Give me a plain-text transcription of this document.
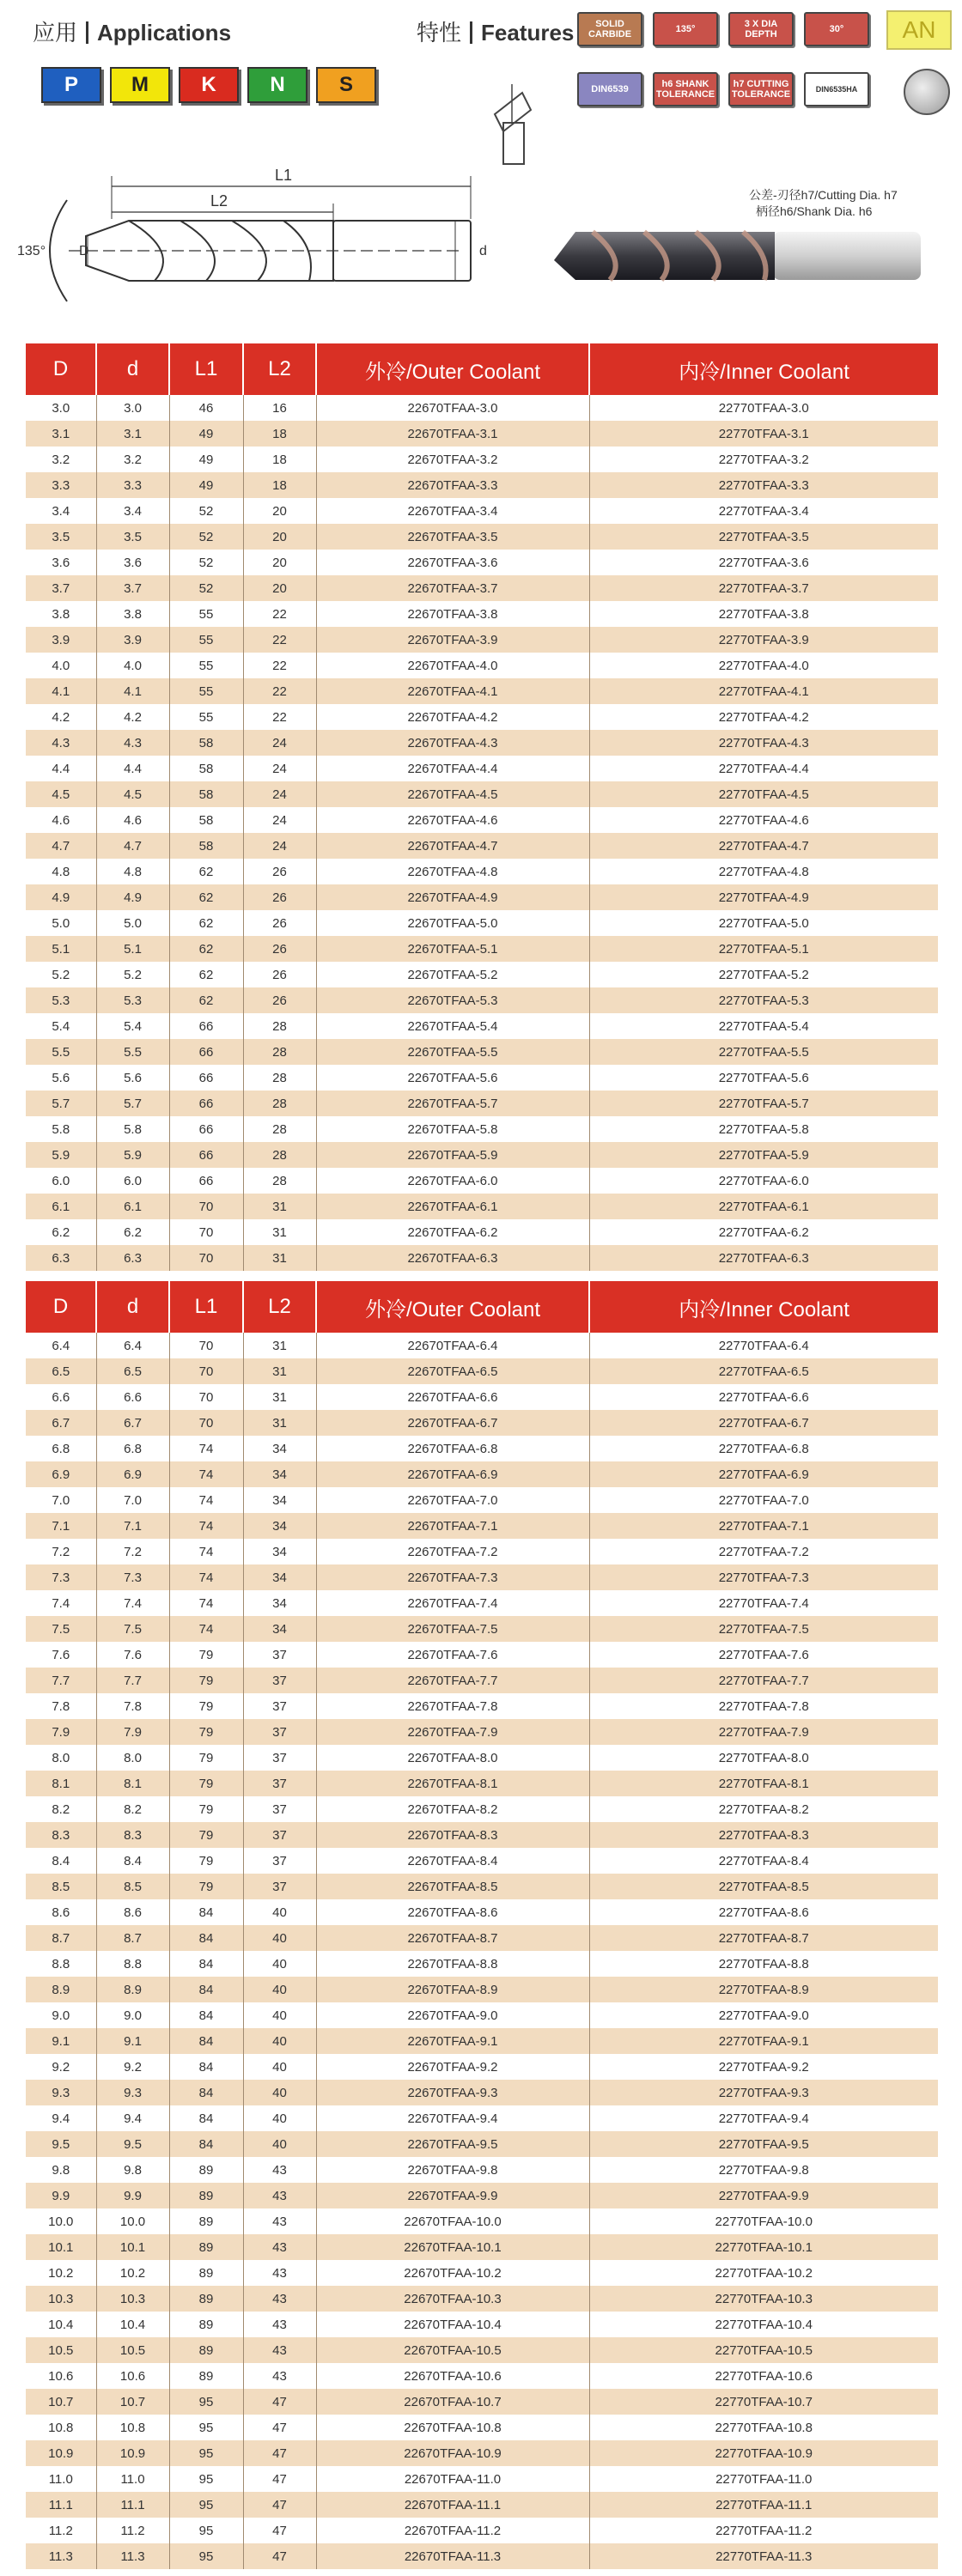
应用 Applications	特性 Features
P	M	K	N	S
SOLID CARBIDE	135°	3 X DIA DEPTH	30°	AN
DIN6539	h6 SHANK TOLERANCE
h7 CUTTING TOLERANCE	DIN6535HA
L1
L2
D	d
135°
公差-刃径h7/Cutting Dia. h7
柄径h6/Shank Dia. h6
D	d	L1	L2	外冷/Outer Coolant	内冷/Inner Coolant
3.0	3.0	46	16	22670TFAA-3.0	22770TFAA-3.0
3.1	3.1	49	18	22670TFAA-3.1	22770TFAA-3.1
3.2	3.2	49	18	22670TFAA-3.2	22770TFAA-3.2
3.3	3.3	49	18	22670TFAA-3.3	22770TFAA-3.3
3.4	3.4	52	20	22670TFAA-3.4	22770TFAA-3.4
3.5	3.5	52	20	22670TFAA-3.5	22770TFAA-3.5
3.6	3.6	52	20	22670TFAA-3.6	22770TFAA-3.6
3.7	3.7	52	20	22670TFAA-3.7	22770TFAA-3.7
3.8	3.8	55	22	22670TFAA-3.8	22770TFAA-3.8
3.9	3.9	55	22	22670TFAA-3.9	22770TFAA-3.9
4.0	4.0	55	22	22670TFAA-4.0	22770TFAA-4.0
4.1	4.1	55	22	22670TFAA-4.1	22770TFAA-4.1
4.2	4.2	55	22	22670TFAA-4.2	22770TFAA-4.2
4.3	4.3	58	24	22670TFAA-4.3	22770TFAA-4.3
4.4	4.4	58	24	22670TFAA-4.4	22770TFAA-4.4
4.5	4.5	58	24	22670TFAA-4.5	22770TFAA-4.5
4.6	4.6	58	24	22670TFAA-4.6	22770TFAA-4.6
4.7	4.7	58	24	22670TFAA-4.7	22770TFAA-4.7
4.8	4.8	62	26	22670TFAA-4.8	22770TFAA-4.8
4.9	4.9	62	26	22670TFAA-4.9	22770TFAA-4.9
5.0	5.0	62	26	22670TFAA-5.0	22770TFAA-5.0
5.1	5.1	62	26	22670TFAA-5.1	22770TFAA-5.1
5.2	5.2	62	26	22670TFAA-5.2	22770TFAA-5.2
5.3	5.3	62	26	22670TFAA-5.3	22770TFAA-5.3
5.4	5.4	66	28	22670TFAA-5.4	22770TFAA-5.4
5.5	5.5	66	28	22670TFAA-5.5	22770TFAA-5.5
5.6	5.6	66	28	22670TFAA-5.6	22770TFAA-5.6
5.7	5.7	66	28	22670TFAA-5.7	22770TFAA-5.7
5.8	5.8	66	28	22670TFAA-5.8	22770TFAA-5.8
5.9	5.9	66	28	22670TFAA-5.9	22770TFAA-5.9
6.0	6.0	66	28	22670TFAA-6.0	22770TFAA-6.0
6.1	6.1	70	31	22670TFAA-6.1	22770TFAA-6.1
6.2	6.2	70	31	22670TFAA-6.2	22770TFAA-6.2
6.3	6.3	70	31	22670TFAA-6.3	22770TFAA-6.3
D	d	L1	L2	外冷/Outer Coolant	内冷/Inner Coolant
6.4	6.4	70	31	22670TFAA-6.4	22770TFAA-6.4
6.5	6.5	70	31	22670TFAA-6.5	22770TFAA-6.5
6.6	6.6	70	31	22670TFAA-6.6	22770TFAA-6.6
6.7	6.7	70	31	22670TFAA-6.7	22770TFAA-6.7
6.8	6.8	74	34	22670TFAA-6.8	22770TFAA-6.8
6.9	6.9	74	34	22670TFAA-6.9	22770TFAA-6.9
7.0	7.0	74	34	22670TFAA-7.0	22770TFAA-7.0
7.1	7.1	74	34	22670TFAA-7.1	22770TFAA-7.1
7.2	7.2	74	34	22670TFAA-7.2	22770TFAA-7.2
7.3	7.3	74	34	22670TFAA-7.3	22770TFAA-7.3
7.4	7.4	74	34	22670TFAA-7.4	22770TFAA-7.4
7.5	7.5	74	34	22670TFAA-7.5	22770TFAA-7.5
7.6	7.6	79	37	22670TFAA-7.6	22770TFAA-7.6
7.7	7.7	79	37	22670TFAA-7.7	22770TFAA-7.7
7.8	7.8	79	37	22670TFAA-7.8	22770TFAA-7.8
7.9	7.9	79	37	22670TFAA-7.9	22770TFAA-7.9
8.0	8.0	79	37	22670TFAA-8.0	22770TFAA-8.0
8.1	8.1	79	37	22670TFAA-8.1	22770TFAA-8.1
8.2	8.2	79	37	22670TFAA-8.2	22770TFAA-8.2
8.3	8.3	79	37	22670TFAA-8.3	22770TFAA-8.3
8.4	8.4	79	37	22670TFAA-8.4	22770TFAA-8.4
8.5	8.5	79	37	22670TFAA-8.5	22770TFAA-8.5
8.6	8.6	84	40	22670TFAA-8.6	22770TFAA-8.6
8.7	8.7	84	40	22670TFAA-8.7	22770TFAA-8.7
8.8	8.8	84	40	22670TFAA-8.8	22770TFAA-8.8
8.9	8.9	84	40	22670TFAA-8.9	22770TFAA-8.9
9.0	9.0	84	40	22670TFAA-9.0	22770TFAA-9.0
9.1	9.1	84	40	22670TFAA-9.1	22770TFAA-9.1
9.2	9.2	84	40	22670TFAA-9.2	22770TFAA-9.2
9.3	9.3	84	40	22670TFAA-9.3	22770TFAA-9.3
9.4	9.4	84	40	22670TFAA-9.4	22770TFAA-9.4
9.5	9.5	84	40	22670TFAA-9.5	22770TFAA-9.5
9.8	9.8	89	43	22670TFAA-9.8	22770TFAA-9.8
9.9	9.9	89	43	22670TFAA-9.9	22770TFAA-9.9
10.0	10.0	89	43	22670TFAA-10.0	22770TFAA-10.0
10.1	10.1	89	43	22670TFAA-10.1	22770TFAA-10.1
10.2	10.2	89	43	22670TFAA-10.2	22770TFAA-10.2
10.3	10.3	89	43	22670TFAA-10.3	22770TFAA-10.3
10.4	10.4	89	43	22670TFAA-10.4	22770TFAA-10.4
10.5	10.5	89	43	22670TFAA-10.5	22770TFAA-10.5
10.6	10.6	89	43	22670TFAA-10.6	22770TFAA-10.6
10.7	10.7	95	47	22670TFAA-10.7	22770TFAA-10.7
10.8	10.8	95	47	22670TFAA-10.8	22770TFAA-10.8
10.9	10.9	95	47	22670TFAA-10.9	22770TFAA-10.9
11.0	11.0	95	47	22670TFAA-11.0	22770TFAA-11.0
11.1	11.1	95	47	22670TFAA-11.1	22770TFAA-11.1
11.2	11.2	95	47	22670TFAA-11.2	22770TFAA-11.2
11.3	11.3	95	47	22670TFAA-11.3	22770TFAA-11.3
